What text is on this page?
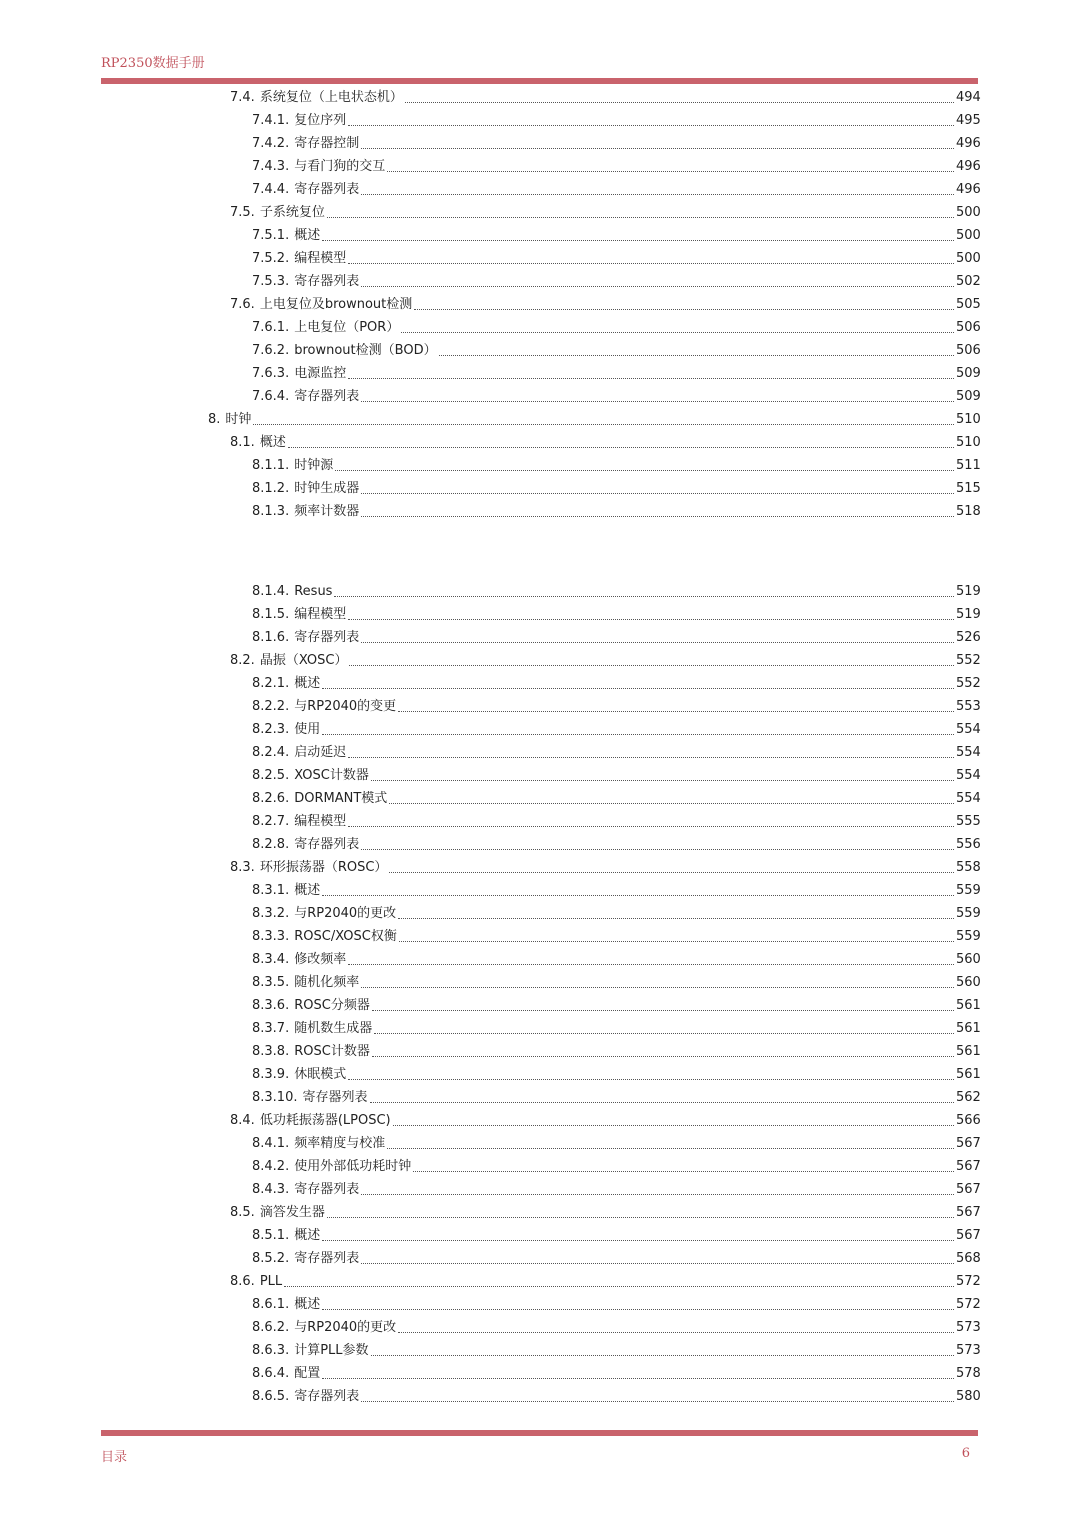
RP2350数据手册
7.4. 系统复位（上电状态机）	494
7.4.1. 复位序列	495
7.4.2. 寄存器控制	496
7.4.3. 与看门狗的交互	496
7.4.4. 寄存器列表	496
7.5. 子系统复位	500
7.5.1. 概述	500
7.5.2. 编程模型	500
7.5.3. 寄存器列表	502
7.6. 上电复位及brownout检测	505
7.6.1. 上电复位（POR）	506
7.6.2. brownout检测（BOD）	506
7.6.3. 电源监控	509
7.6.4. 寄存器列表	509
8. 时钟	510
8.1. 概述	510
8.1.1. 时钟源	511
8.1.2. 时钟生成器	515
8.1.3. 频率计数器	518
8.1.4. Resus	519
8.1.5. 编程模型	519
8.1.6. 寄存器列表	526
8.2. 晶振（XOSC）	552
8.2.1. 概述	552
8.2.2. 与RP2040的变更	553
8.2.3. 使用	554
8.2.4. 启动延迟	554
8.2.5. XOSC计数器	554
8.2.6. DORMANT模式	554
8.2.7. 编程模型	555
8.2.8. 寄存器列表	556
8.3. 环形振荡器（ROSC）	558
8.3.1. 概述	559
8.3.2. 与RP2040的更改	559
8.3.3. ROSC/XOSC权衡	559
8.3.4. 修改频率	560
8.3.5. 随机化频率	560
8.3.6. ROSC分频器	561
8.3.7. 随机数生成器	561
8.3.8. ROSC计数器	561
8.3.9. 休眠模式	561
8.3.10. 寄存器列表	562
8.4. 低功耗振荡器(LPOSC)	566
8.4.1. 频率精度与校准	567
8.4.2. 使用外部低功耗时钟	567
8.4.3. 寄存器列表	567
8.5. 滴答发生器	567
8.5.1. 概述	567
8.5.2. 寄存器列表	568
8.6. PLL	572
8.6.1. 概述	572
8.6.2. 与RP2040的更改	573
8.6.3. 计算PLL参数	573
8.6.4. 配置	578
8.6.5. 寄存器列表	580
目录	6
